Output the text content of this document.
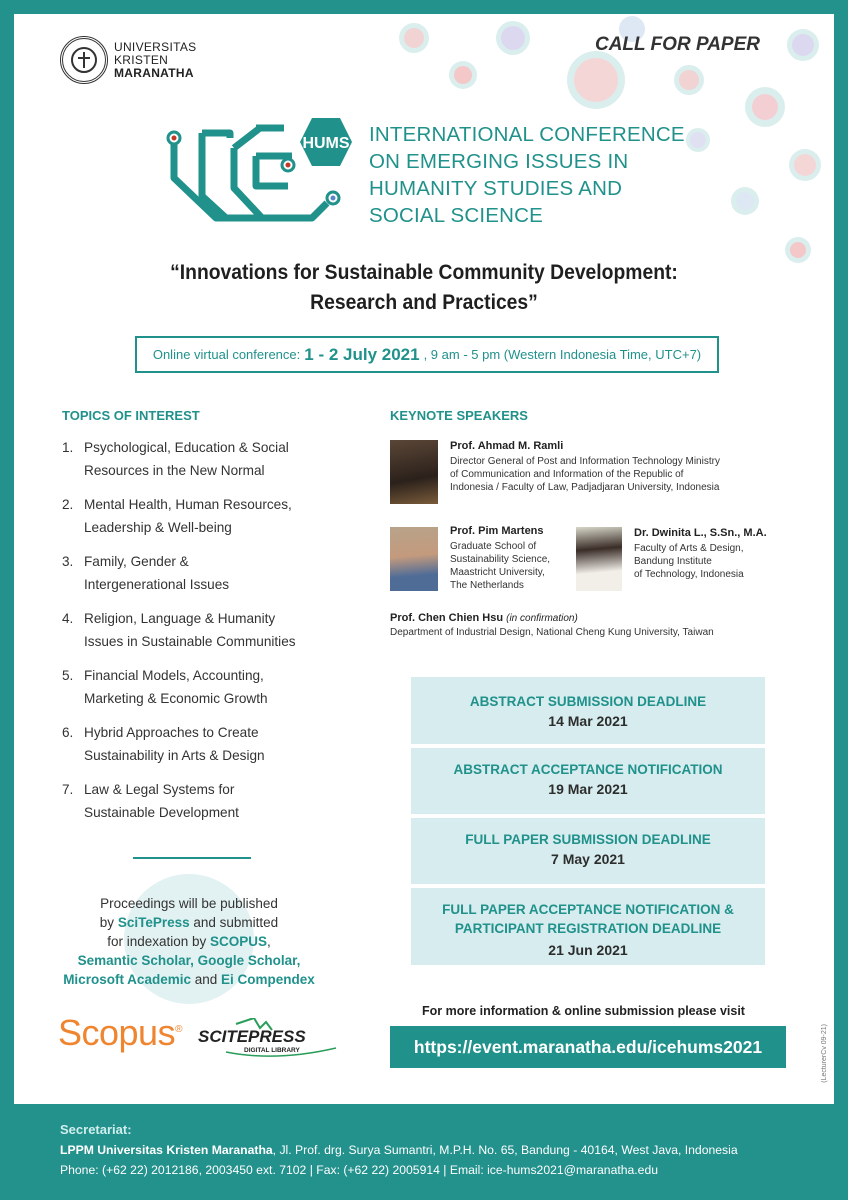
UNIVERSITAS
KRISTEN
MARANATHA
CALL FOR PAPER
HUMS INTERNATIONAL CONFERENCE
ON EMERGING ISSUES IN
HUMANITY STUDIES AND
SOCIAL SCIENCE
“Innovations for Sustainable Community Development:
Research and Practices”
Online virtual conference: 1 - 2 July 2021 , 9 am - 5 pm (Western Indonesia Time, UTC+7)
TOPICS OF INTEREST
1. Psychological, Education & Social
Resources in the New Normal
2. Mental Health, Human Resources,
Leadership & Well-being
3. Family, Gender &
Intergenerational Issues
4. Religion, Language & Humanity
Issues in Sustainable Communities
5. Financial Models, Accounting,
Marketing & Economic Growth
6. Hybrid Approaches to Create
Sustainability in Arts & Design
7. Law & Legal Systems for
Sustainable Development
Proceedings will be published
by SciTePress and submitted
for indexation by SCOPUS,
Semantic Scholar, Google Scholar,
Microsoft Academic and Ei Compendex
Scopus® SCITEPRESS
DIGITAL LIBRARY
KEYNOTE SPEAKERS
Prof. Ahmad M. Ramli
Director General of Post and Information Technology Ministry
of Communication and Information of the Republic of
Indonesia / Faculty of Law, Padjadjaran University, Indonesia
Prof. Pim Martens
Graduate School of
Sustainability Science,
Maastricht University,
The Netherlands
Dr. Dwinita L., S.Sn., M.A.
Faculty of Arts & Design,
Bandung Institute
of Technology, Indonesia
Prof. Chen Chien Hsu (in confirmation)
Department of Industrial Design, National Cheng Kung University, Taiwan
ABSTRACT SUBMISSION DEADLINE
14 Mar 2021
ABSTRACT ACCEPTANCE NOTIFICATION
19 Mar 2021
FULL PAPER SUBMISSION DEADLINE
7 May 2021
FULL PAPER ACCEPTANCE NOTIFICATION &
PARTICIPANT REGISTRATION DEADLINE
21 Jun 2021
For more information & online submission please visit
https://event.maranatha.edu/icehums2021	(LecturerCv 09-21)
Secretariat:
LPPM Universitas Kristen Maranatha, Jl. Prof. drg. Surya Sumantri, M.P.H. No. 65, Bandung - 40164, West Java, Indonesia
Phone: (+62 22) 2012186, 2003450 ext. 7102 | Fax: (+62 22) 2005914 | Email: ice-hums2021@maranatha.edu
